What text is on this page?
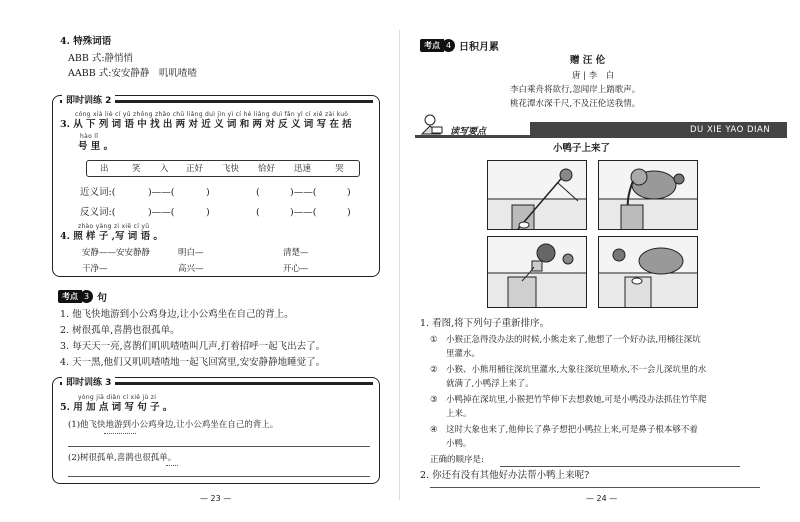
4. 特殊词语
ABB 式:静悄悄
AABB 式:安安静静　叽叽喳喳
即时训练 2
cóng xià liè cí yǔ zhōng zhǎo chū liǎng duì jìn yì cí hé liǎng duì fǎn yì cí xiě zài kuò
3. 从 下 列 词 语 中 找 出 两 对 近 义 词 和 两 对 反 义 词 写 在 括
hào lǐ
号 里 。
出	笑 入 正好 飞快 恰好 迅速	哭
近义词:(	)——(	)	(	)——(	)
反义词:(	)——(	)	(	)——(	)
zhào yàng zi xiě cí yǔ
4. 照 样 子 ,写 词 语 。
安静——安安静静	明白—	清楚—
干净—	高兴—	开心—
考点 3 句
1. 他飞快地游到小公鸡身边,让小公鸡坐在自己的背上。
2. 树很孤单,喜鹊也很孤单。
3. 每天天一亮,喜鹊们叽叽喳喳叫几声,打着招呼一起飞出去了。
4. 天一黑,他们又叽叽喳喳地一起飞回窝里,安安静静地睡觉了。
即时训练 3
yòng jiā diǎn cí xiě jù zi
5. 用 加 点 词 写 句 子 。
(1)他飞快地游到小公鸡身边,让小公鸡坐在自己的背上。
(2)树很孤单,喜鹊也很孤单。
— 23 —
考点 4 日积月累
赠 汪 伦
唐 | 李　白
李白乘舟将欲行,忽闻岸上踏歌声。
桃花潭水深千尺,不及汪伦送我情。
读写要点	DU XIE YAO DIAN
小鸭子上来了
1. 看图,将下列句子重新排序。
① 小猴正急得没办法的时候,小熊走来了,他想了一个好办法,用桶往深坑
里灌水。
② 小猴、小熊用桶往深坑里灌水,大象往深坑里喷水,不一会儿深坑里的水
就满了,小鸭浮上来了。
③ 小鸭掉在深坑里,小猴把竹竿伸下去想救她,可是小鸭没办法抓住竹竿爬
上来。
④ 这时大象也来了,他伸长了鼻子想把小鸭拉上来,可是鼻子根本够不着
小鸭。
正确的顺序是:
2. 你还有没有其他好办法帮小鸭上来呢?
— 24 —
